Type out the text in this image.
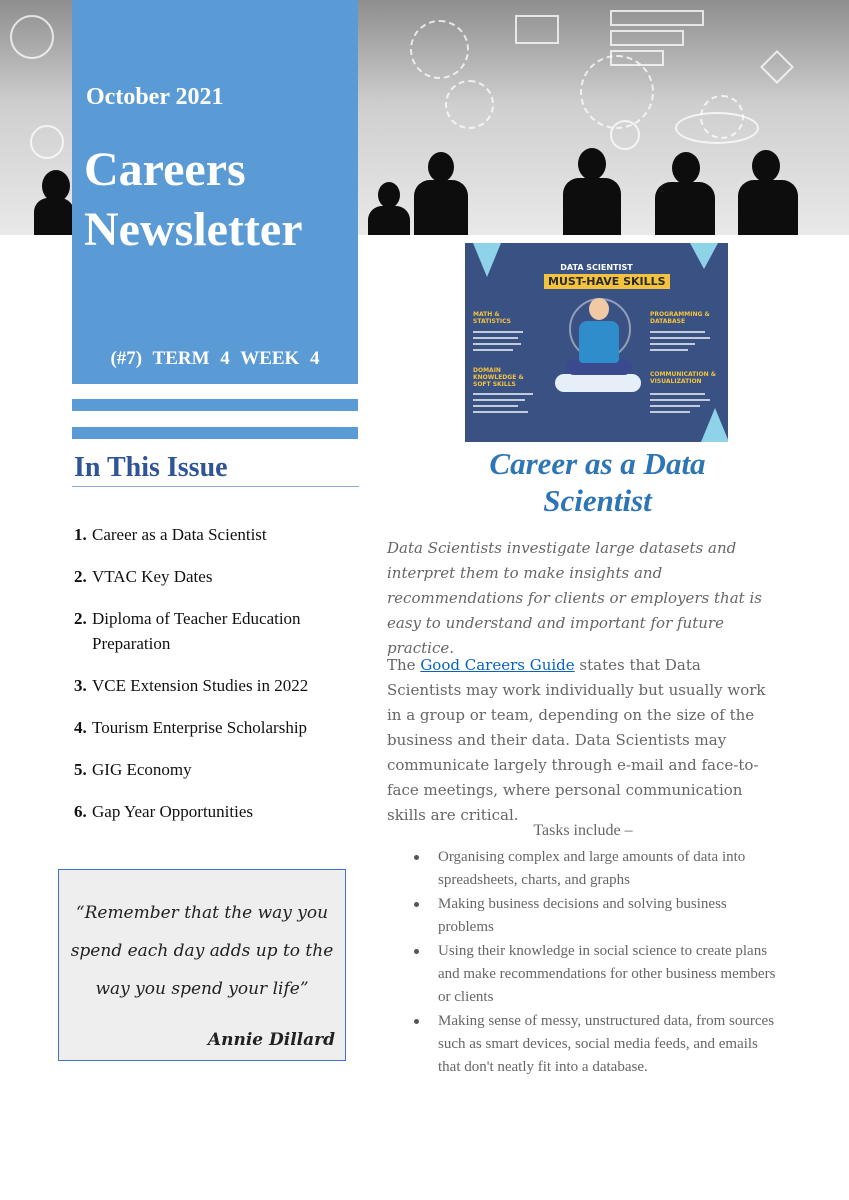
October 2021
Careers
Newsletter
(#7) TERM 4 WEEK 4
In This Issue
1. Career as a Data Scientist
2. VTAC Key Dates
2. Diploma of Teacher Education Preparation
3. VCE Extension Studies in 2022
4. Tourism Enterprise Scholarship
5. GIG Economy
6. Gap Year Opportunities
“Remember that the way you spend each day adds up to the way you spend your life”
Annie Dillard
DATA SCIENTIST
MUST-HAVE SKILLS
MATH & STATISTICS
PROGRAMMING & DATABASE
DOMAIN KNOWLEDGE & SOFT SKILLS
COMMUNICATION & VISUALIZATION
Career as a Data Scientist
Data Scientists investigate large datasets and interpret them to make insights and recommendations for clients or employers that is easy to understand and important for future practice.
The Good Careers Guide states that Data Scientists may work individually but usually work in a group or team, depending on the size of the business and their data. Data Scientists may communicate largely through e-mail and face-to-face meetings, where personal communication skills are critical.
Tasks include –
Organising complex and large amounts of data into spreadsheets, charts, and graphs
Making business decisions and solving business problems
Using their knowledge in social science to create plans and make recommendations for other business members or clients
Making sense of messy, unstructured data, from sources such as smart devices, social media feeds, and emails that don't neatly fit into a database.
